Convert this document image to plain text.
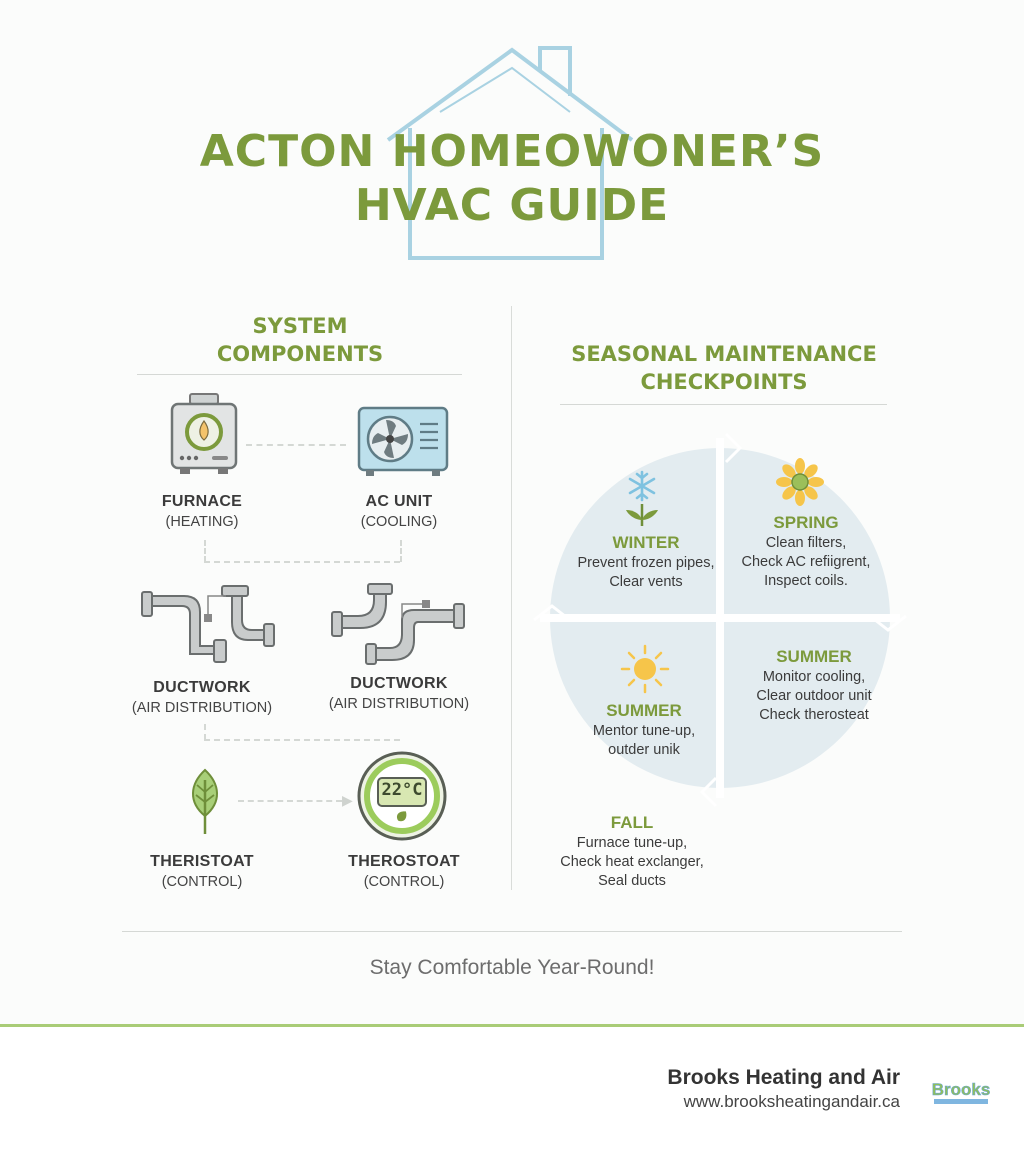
ACTON HOMEOWONER’S
HVAC GUIDE
SYSTEM
COMPONENTS
FURNACE
(HEATING)
AC UNIT
(COOLING)
DUCTWORK
(AIR DISTRIBUTION)
DUCTWORK
(AIR DISTRIBUTION)
▶ 22°C
THERISTOAT
(CONTROL)
THEROSTOAT
(CONTROL)
SEASONAL MAINTENANCE
CHECKPOINTS
WINTER
Prevent frozen pipes,
Clear vents
SPRING
Clean filters,
Check AC refiigrent,
Inspect coils.
SUMMER
Monitor cooling,
Clear outdoor unit
Check therosteat
SUMMER
Mentor tune-up,
outder unik
FALL
Furnace tune-up,
Check heat exclanger,
Seal ducts
Stay Comfortable Year-Round!
Brooks Heating and Air
www.brooksheatingandair.ca
Brooks
